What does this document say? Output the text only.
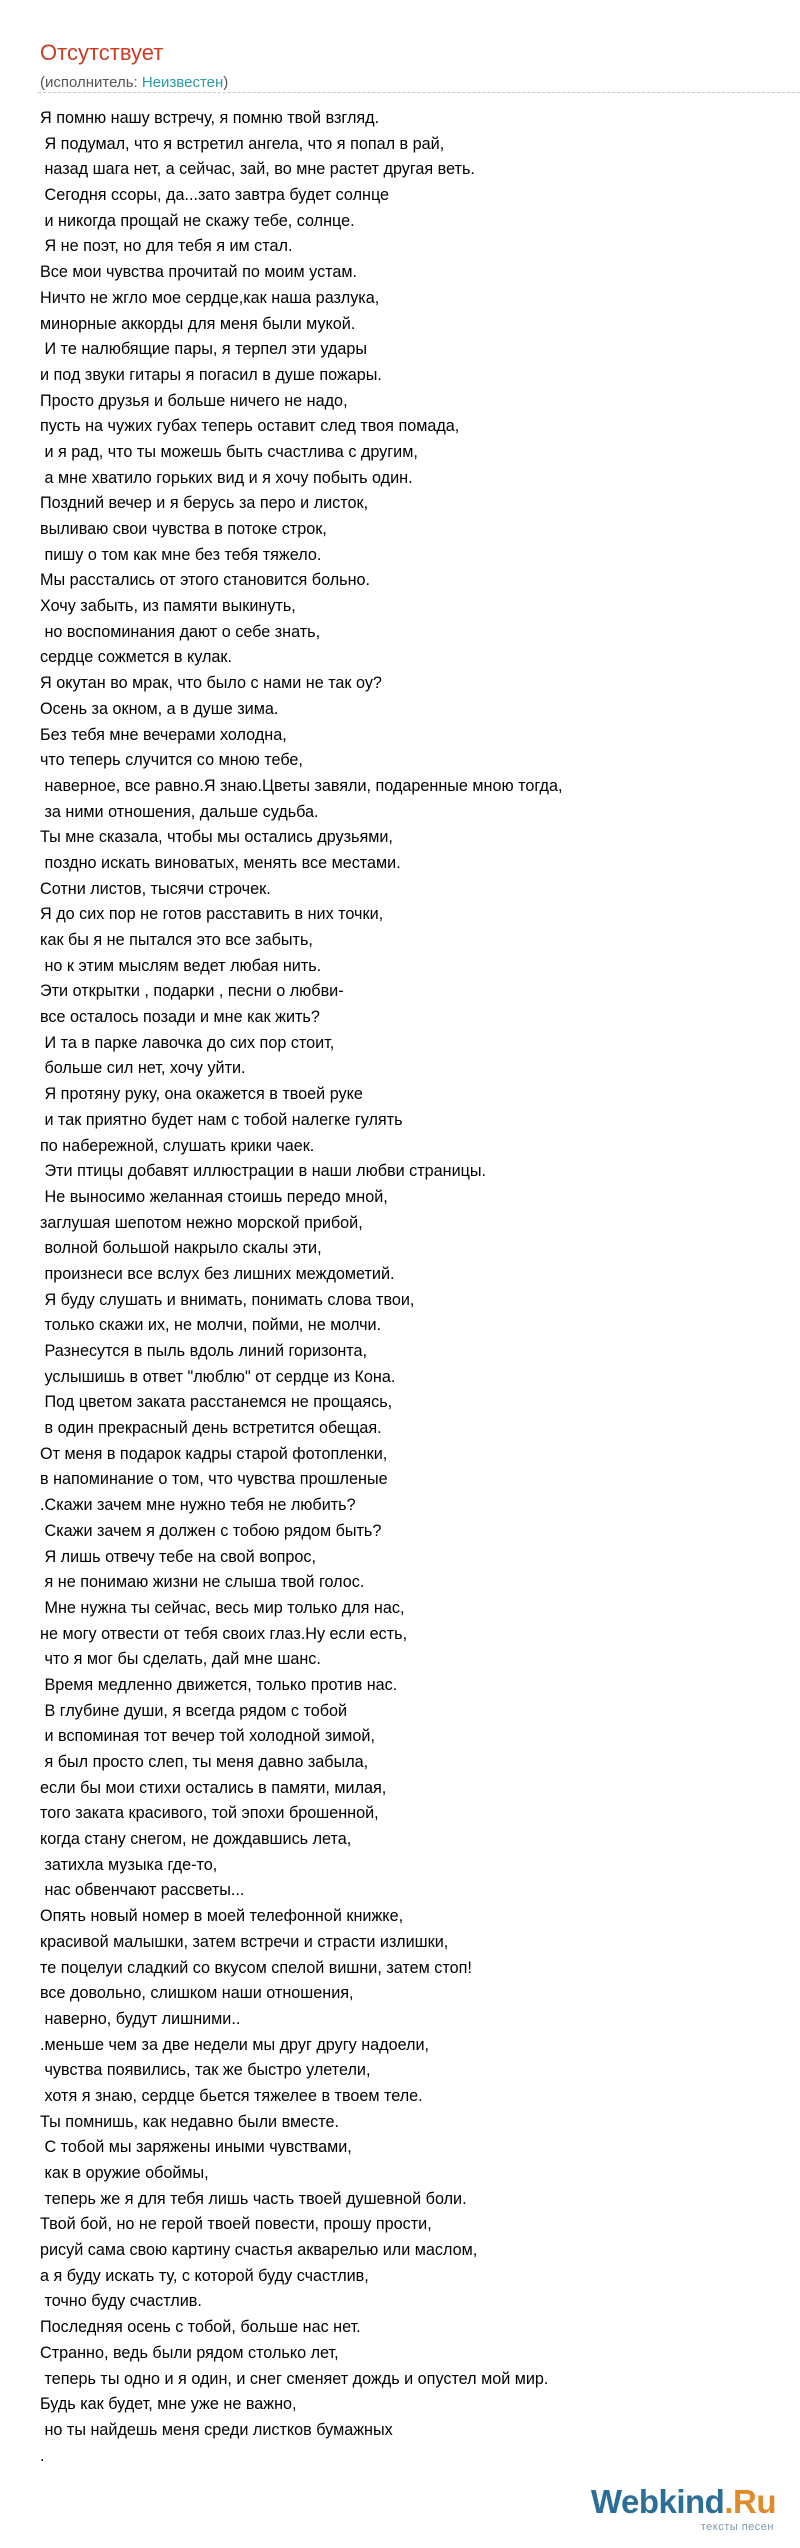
Отсутствует
(исполнитель: Неизвестен)
Я помню нашу встречу, я помню твой взгляд.
Я подумал, что я встретил ангела, что я попал в рай,
назад шага нет, а сейчас, зай, во мне растет другая веть.
Сегодня ссоры, да...зато завтра будет солнце
и никогда прощай не скажу тебе, солнце.
Я не поэт, но для тебя я им стал.
Все мои чувства прочитай по моим устам.
Ничто не жгло мое сердце,как наша разлука,
минорные аккорды для меня были мукой.
И те налюбящие пары, я терпел эти удары
и под звуки гитары я погасил в душе пожары.
Просто друзья и больше ничего не надо,
пусть на чужих губах теперь оставит след твоя помада,
и я рад, что ты можешь быть счастлива с другим,
а мне хватило горьких вид и я хочу побыть один.
Поздний вечер и я берусь за перо и листок,
выливаю свои чувства в потоке строк,
пишу о том как мне без тебя тяжело.
Мы расстались от этого становится больно.
Хочу забыть, из памяти выкинуть,
но воспоминания дают о себе знать,
сердце сожмется в кулак.
Я окутан во мрак, что было с нами не так оу?
Осень за окном, а в душе зима.
Без тебя мне вечерами холодна,
что теперь случится со мною тебе,
наверное, все равно.Я знаю.Цветы завяли, подаренные мною тогда,
за ними отношения, дальше судьба.
Ты мне сказала, чтобы мы остались друзьями,
поздно искать виноватых, менять все местами.
Сотни листов, тысячи строчек.
Я до сих пор не готов расставить в них точки,
как бы я не пытался это все забыть,
но к этим мыслям ведет любая нить.
Эти открытки , подарки , песни о любви-
все осталось позади и мне как жить?
И та в парке лавочка до сих пор стоит,
больше сил нет, хочу уйти.
Я протяну руку, она окажется в твоей руке
и так приятно будет нам с тобой налегке гулять
по набережной, слушать крики чаек.
Эти птицы добавят иллюстрации в наши любви страницы.
Не выносимо желанная стоишь передо мной,
заглушая шепотом нежно морской прибой,
волной большой накрыло скалы эти,
произнеси все вслух без лишних междометий.
Я буду слушать и внимать, понимать слова твои,
только скажи их, не молчи, пойми, не молчи.
Разнесутся в пыль вдоль линий горизонта,
услышишь в ответ "люблю" от сердце из Кона.
Под цветом заката расстанемся не прощаясь,
в один прекрасный день встретится обещая.
От меня в подарок кадры старой фотопленки,
в напоминание о том, что чувства прошленые
.Скажи зачем мне нужно тебя не любить?
Скажи зачем я должен с тобою рядом быть?
Я лишь отвечу тебе на свой вопрос,
я не понимаю жизни не слыша твой голос.
Мне нужна ты сейчас, весь мир только для нас,
не могу отвести от тебя своих глаз.Ну если есть,
что я мог бы сделать, дай мне шанс.
Время медленно движется, только против нас.
В глубине души, я всегда рядом с тобой
и вспоминая тот вечер той холодной зимой,
я был просто слеп, ты меня давно забыла,
если бы мои стихи остались в памяти, милая,
того заката красивого, той эпохи брошенной,
когда стану снегом, не дождавшись лета,
затихла музыка где-то,
нас обвенчают рассветы...
Опять новый номер в моей телефонной книжке,
красивой малышки, затем встречи и страсти излишки,
те поцелуи сладкий со вкусом спелой вишни, затем стоп!
все довольно, слишком наши отношения,
наверно, будут лишними..
.меньше чем за две недели мы друг другу надоели,
чувства появились, так же быстро улетели,
хотя я знаю, сердце бьется тяжелее в твоем теле.
Ты помнишь, как недавно были вместе.
С тобой мы заряжены иными чувствами,
как в оружие обоймы,
теперь же я для тебя лишь часть твоей душевной боли.
Твой бой, но не герой твоей повести, прошу прости,
рисуй сама свою картину счастья акварелью или маслом,
а я буду искать ту, с которой буду счастлив,
точно буду счастлив.
Последняя осень с тобой, больше нас нет.
Странно, ведь были рядом столько лет,
теперь ты одно и я один, и снег сменяет дождь и опустел мой мир.
Будь как будет, мне уже не важно,
но ты найдешь меня среди листков бумажных
.
Webkind.Ru
тексты песен
